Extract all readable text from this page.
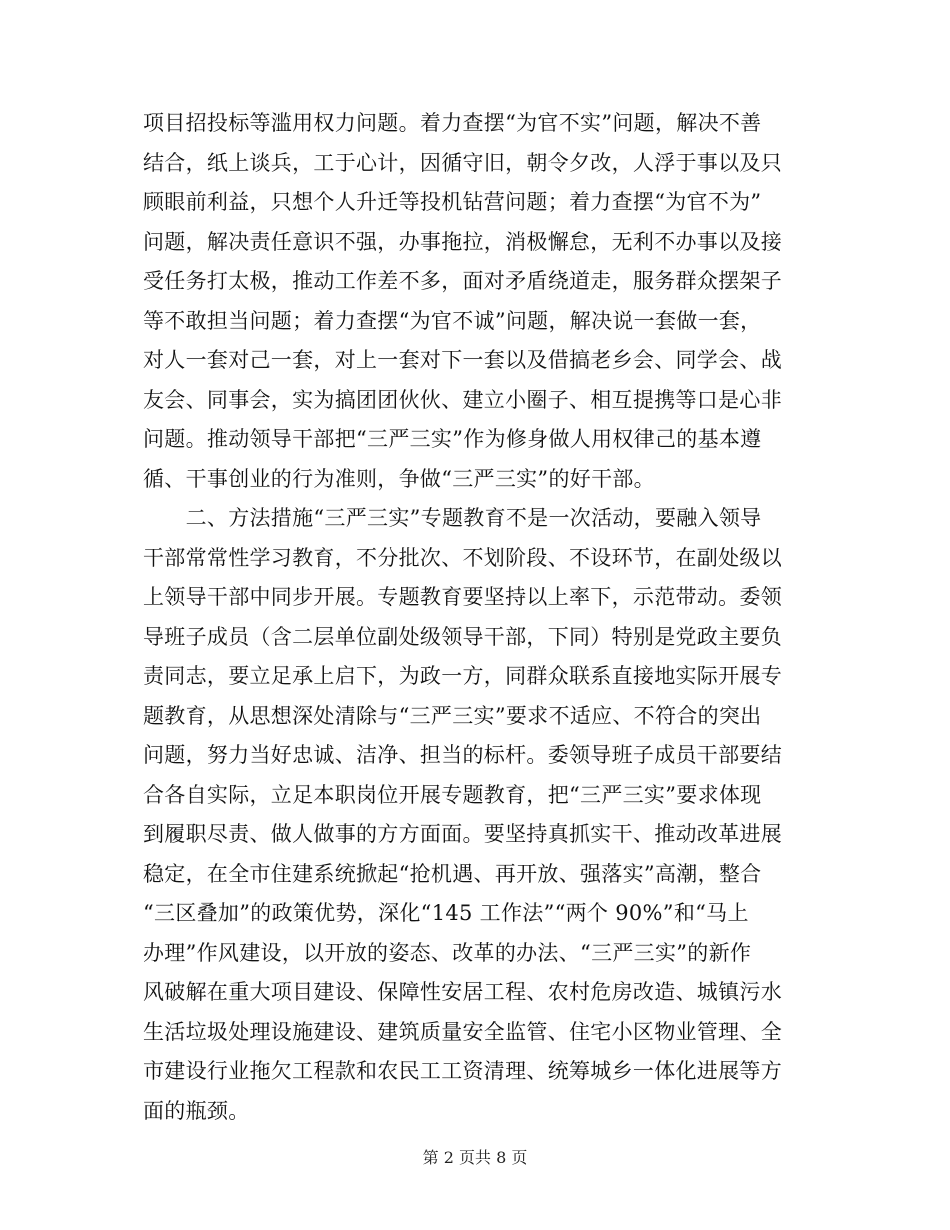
项目招投标等滥用权力问题。着力查摆“为官不实”问题，解决不善
结合，纸上谈兵，工于心计，因循守旧，朝令夕改，人浮于事以及只
顾眼前利益，只想个人升迁等投机钻营问题；着力查摆“为官不为”
问题，解决责任意识不强，办事拖拉，消极懈怠，无利不办事以及接
受任务打太极，推动工作差不多，面对矛盾绕道走，服务群众摆架子
等不敢担当问题；着力查摆“为官不诚”问题，解决说一套做一套，
对人一套对己一套，对上一套对下一套以及借搞老乡会、同学会、战
友会、同事会，实为搞团团伙伙、建立小圈子、相互提携等口是心非
问题。推动领导干部把“三严三实”作为修身做人用权律己的基本遵
循、干事创业的行为准则，争做“三严三实”的好干部。
　　二、方法措施“三严三实”专题教育不是一次活动，要融入领导
干部常常性学习教育，不分批次、不划阶段、不设环节，在副处级以
上领导干部中同步开展。专题教育要坚持以上率下，示范带动。委领
导班子成员（含二层单位副处级领导干部，下同）特别是党政主要负
责同志，要立足承上启下，为政一方，同群众联系直接地实际开展专
题教育，从思想深处清除与“三严三实”要求不适应、不符合的突出
问题，努力当好忠诚、洁净、担当的标杆。委领导班子成员干部要结
合各自实际，立足本职岗位开展专题教育，把“三严三实”要求体现
到履职尽责、做人做事的方方面面。要坚持真抓实干、推动改革进展
稳定，在全市住建系统掀起“抢机遇、再开放、强落实”高潮，整合
“三区叠加”的政策优势，深化“145 工作法”“两个 90%”和“马上
办理”作风建设，以开放的姿态、改革的办法、“三严三实”的新作
风破解在重大项目建设、保障性安居工程、农村危房改造、城镇污水
生活垃圾处理设施建设、建筑质量安全监管、住宅小区物业管理、全
市建设行业拖欠工程款和农民工工资清理、统筹城乡一体化进展等方
面的瓶颈。
第 2 页共 8 页
